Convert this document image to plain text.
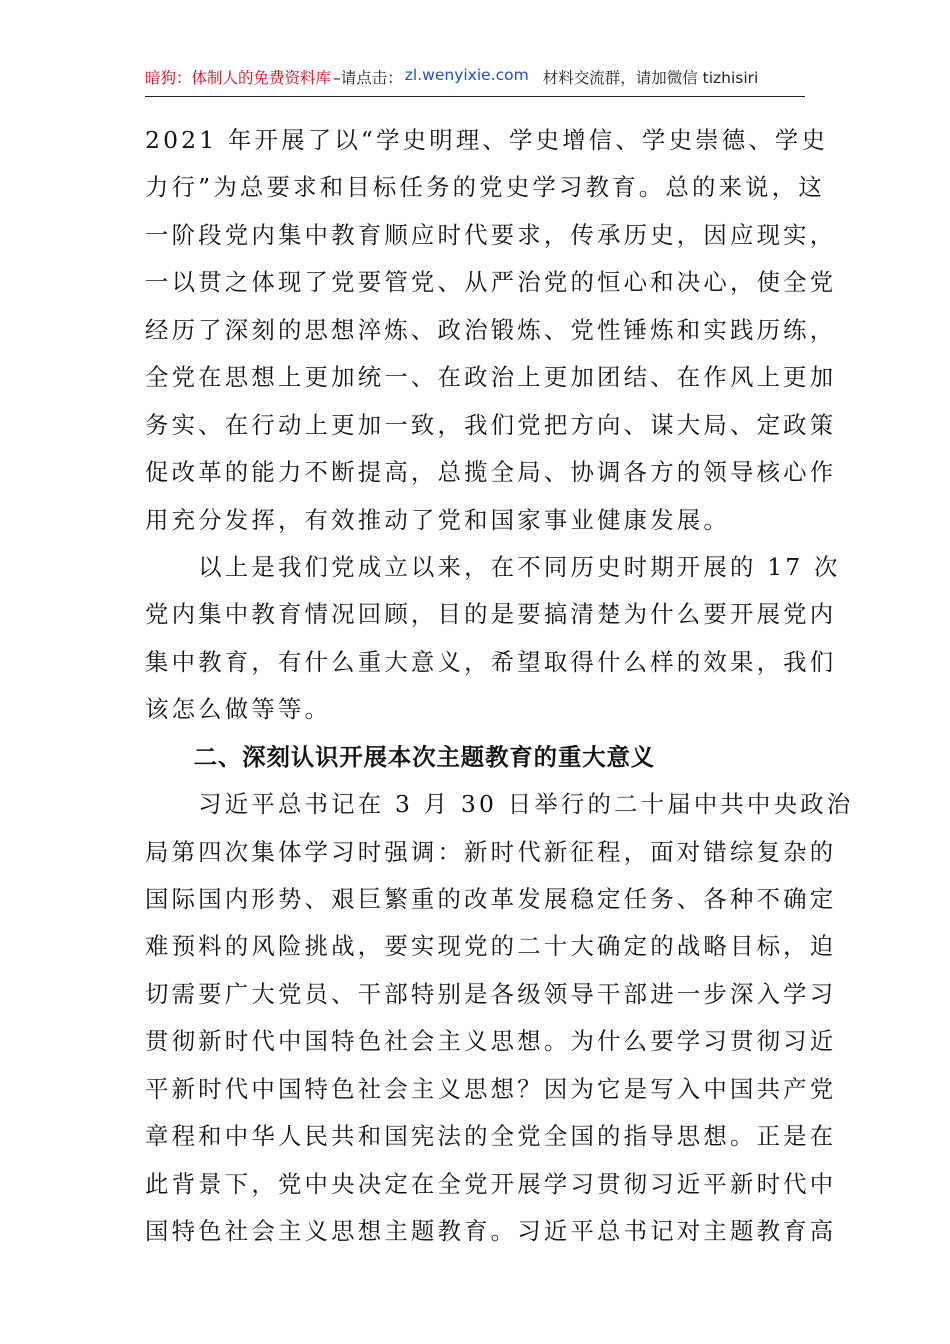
暗狗：体制人的免费资料库 –请点击： zl.wenyixie.com 材料交流群，请加微信 tizhisiri
2021 年开展了以“学史明理、学史增信、学史崇德、学史
力行”为总要求和目标任务的党史学习教育。总的来说，这
一阶段党内集中教育顺应时代要求，传承历史，因应现实，
一以贯之体现了党要管党、从严治党的恒心和决心，使全党
经历了深刻的思想淬炼、政治锻炼、党性锤炼和实践历练，
全党在思想上更加统一、在政治上更加团结、在作风上更加
务实、在行动上更加一致，我们党把方向、谋大局、定政策
促改革的能力不断提高，总揽全局、协调各方的领导核心作
用充分发挥，有效推动了党和国家事业健康发展。
　　以上是我们党成立以来，在不同历史时期开展的 17 次
党内集中教育情况回顾，目的是要搞清楚为什么要开展党内
集中教育，有什么重大意义，希望取得什么样的效果，我们
该怎么做等等。
　　二、深刻认识开展本次主题教育的重大意义
　　习近平总书记在 3 月 30 日举行的二十届中共中央政治
局第四次集体学习时强调：新时代新征程，面对错综复杂的
国际国内形势、艰巨繁重的改革发展稳定任务、各种不确定
难预料的风险挑战，要实现党的二十大确定的战略目标，迫
切需要广大党员、干部特别是各级领导干部进一步深入学习
贯彻新时代中国特色社会主义思想。为什么要学习贯彻习近
平新时代中国特色社会主义思想？因为它是写入中国共产党
章程和中华人民共和国宪法的全党全国的指导思想。正是在
此背景下，党中央决定在全党开展学习贯彻习近平新时代中
国特色社会主义思想主题教育。习近平总书记对主题教育高
